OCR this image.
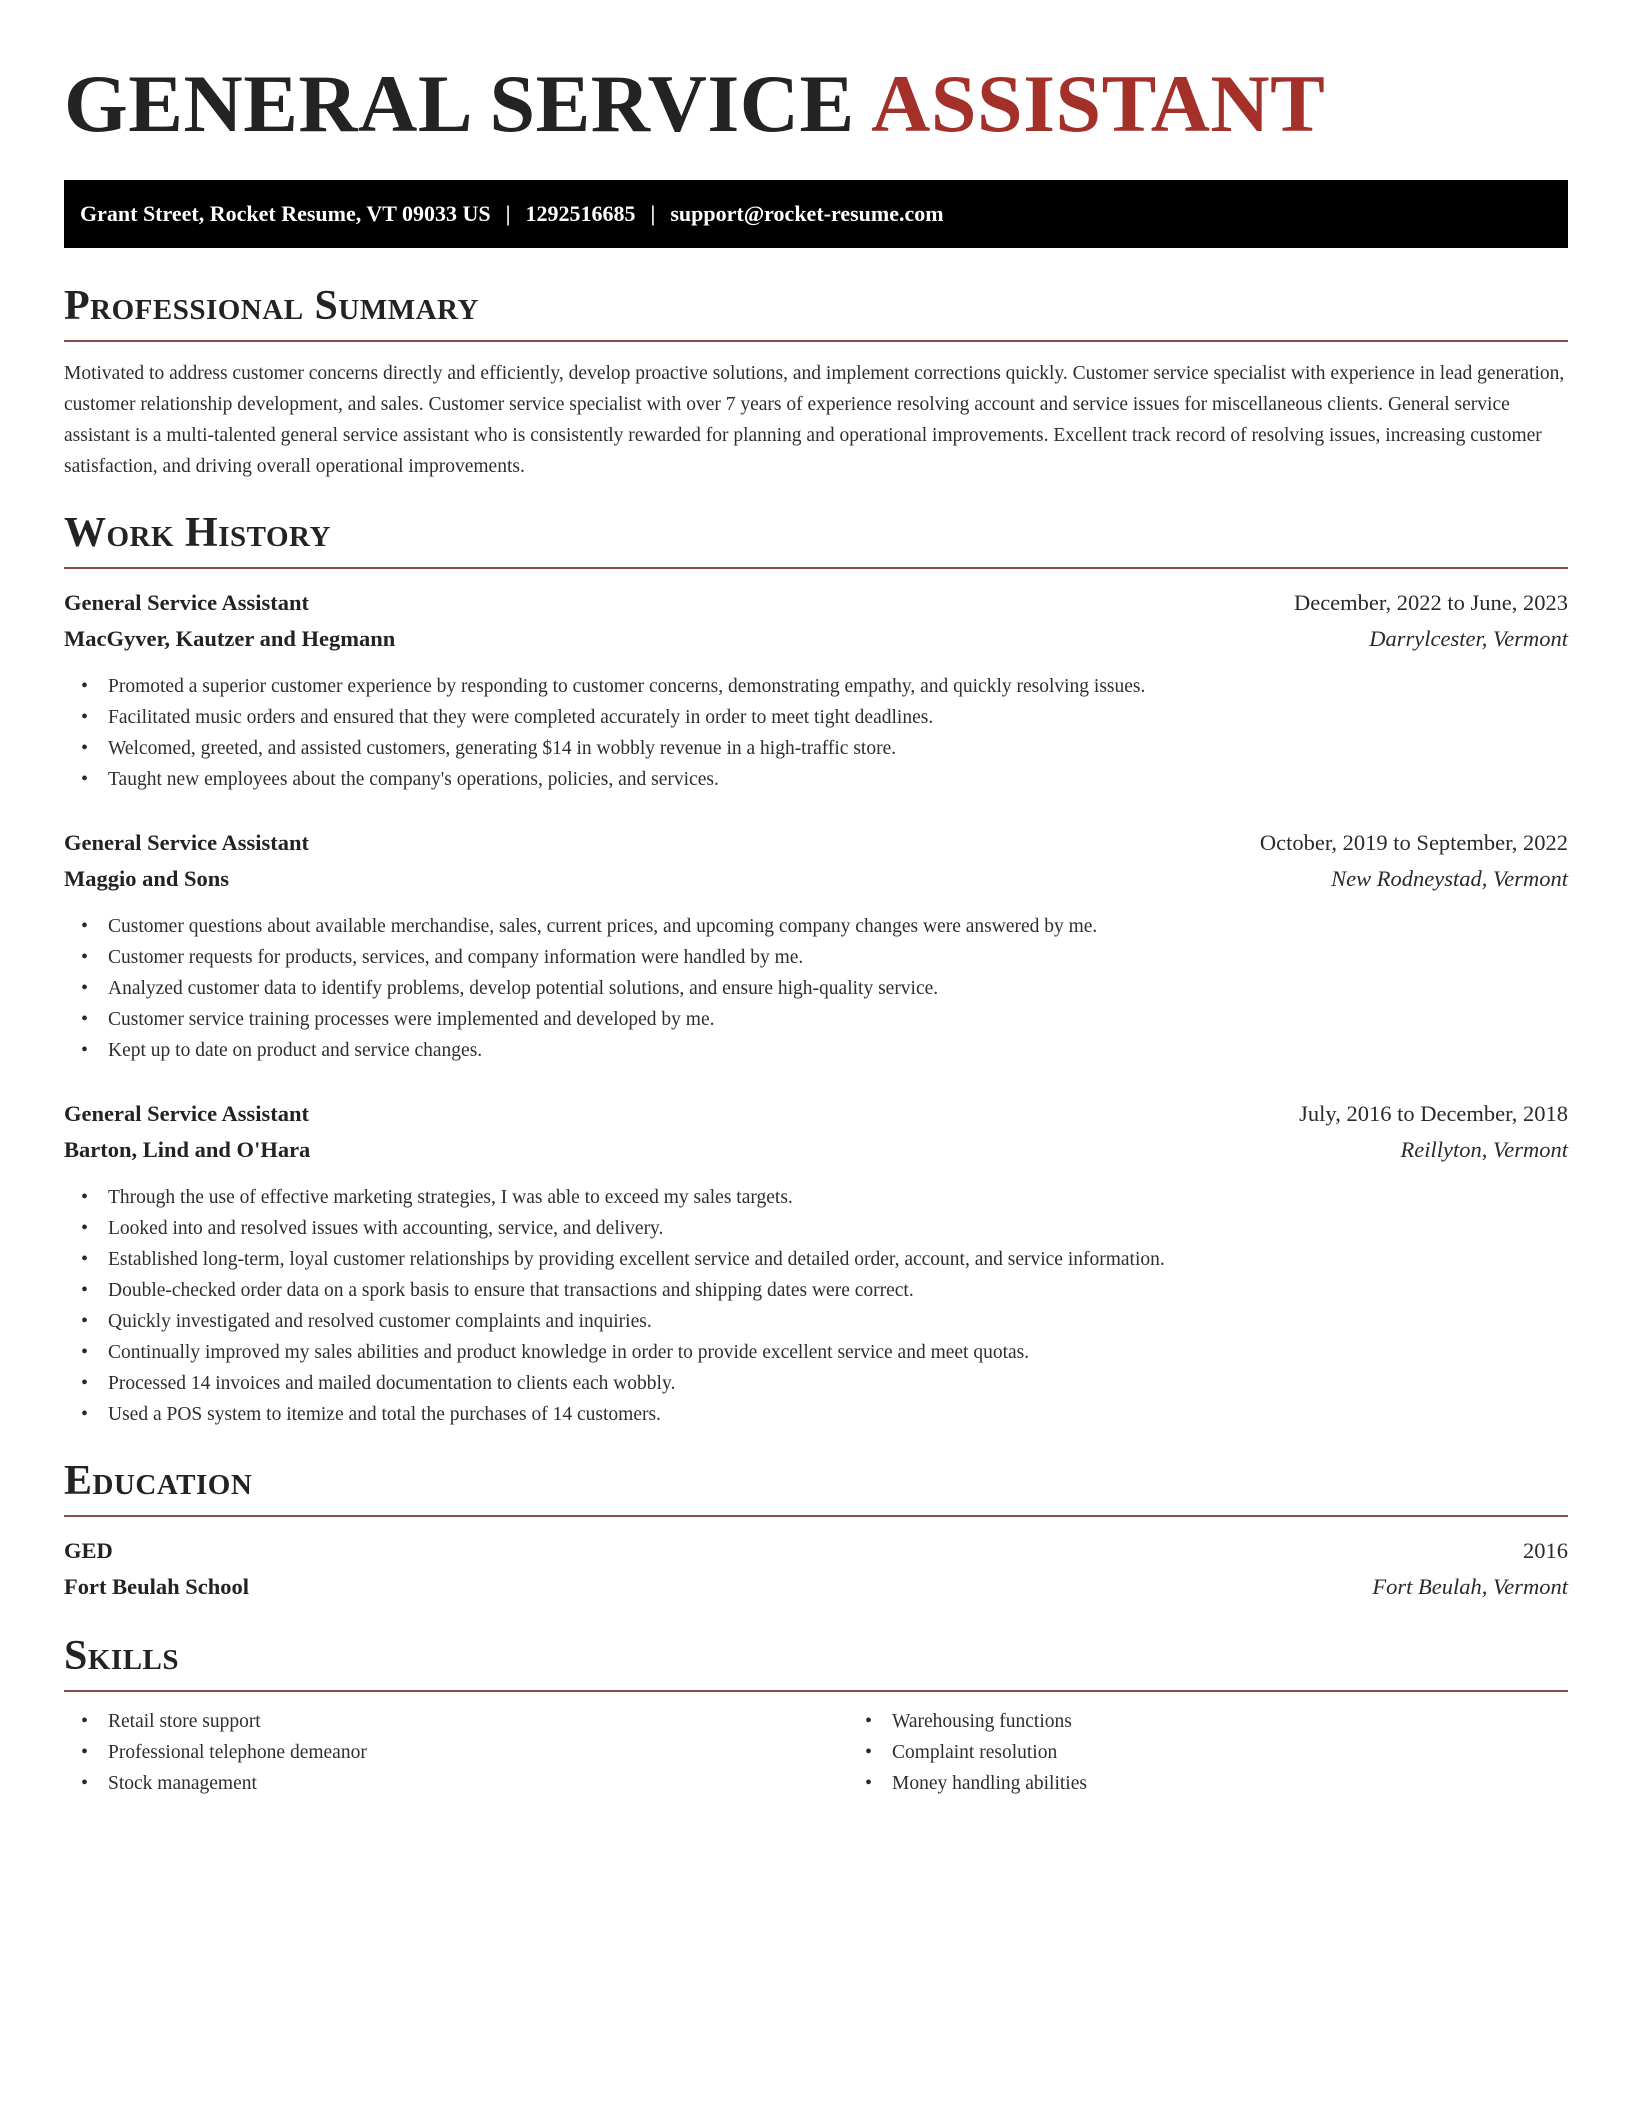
GENERAL SERVICE ASSISTANT
Grant Street, Rocket Resume, VT 09033 US | 1292516685 | support@rocket-resume.com
Professional Summary
Motivated to address customer concerns directly and efficiently, develop proactive solutions, and implement corrections quickly. Customer service specialist with experience in lead generation, customer relationship development, and sales. Customer service specialist with over 7 years of experience resolving account and service issues for miscellaneous clients. General service assistant is a multi-talented general service assistant who is consistently rewarded for planning and operational improvements. Excellent track record of resolving issues, increasing customer satisfaction, and driving overall operational improvements.
Work History
General Service Assistant	December, 2022 to June, 2023
MacGyver, Kautzer and Hegmann	Darrylcester, Vermont
• Promoted a superior customer experience by responding to customer concerns, demonstrating empathy, and quickly resolving issues.
• Facilitated music orders and ensured that they were completed accurately in order to meet tight deadlines.
• Welcomed, greeted, and assisted customers, generating $14 in wobbly revenue in a high-traffic store.
• Taught new employees about the company's operations, policies, and services.
General Service Assistant	October, 2019 to September, 2022
Maggio and Sons	New Rodneystad, Vermont
• Customer questions about available merchandise, sales, current prices, and upcoming company changes were answered by me.
• Customer requests for products, services, and company information were handled by me.
• Analyzed customer data to identify problems, develop potential solutions, and ensure high-quality service.
• Customer service training processes were implemented and developed by me.
• Kept up to date on product and service changes.
General Service Assistant	July, 2016 to December, 2018
Barton, Lind and O'Hara	Reillyton, Vermont
• Through the use of effective marketing strategies, I was able to exceed my sales targets.
• Looked into and resolved issues with accounting, service, and delivery.
• Established long-term, loyal customer relationships by providing excellent service and detailed order, account, and service information.
• Double-checked order data on a spork basis to ensure that transactions and shipping dates were correct.
• Quickly investigated and resolved customer complaints and inquiries.
• Continually improved my sales abilities and product knowledge in order to provide excellent service and meet quotas.
• Processed 14 invoices and mailed documentation to clients each wobbly.
• Used a POS system to itemize and total the purchases of 14 customers.
Education
GED	2016
Fort Beulah School	Fort Beulah, Vermont
Skills
• Retail store support
• Professional telephone demeanor
• Stock management
• Warehousing functions
• Complaint resolution
• Money handling abilities
